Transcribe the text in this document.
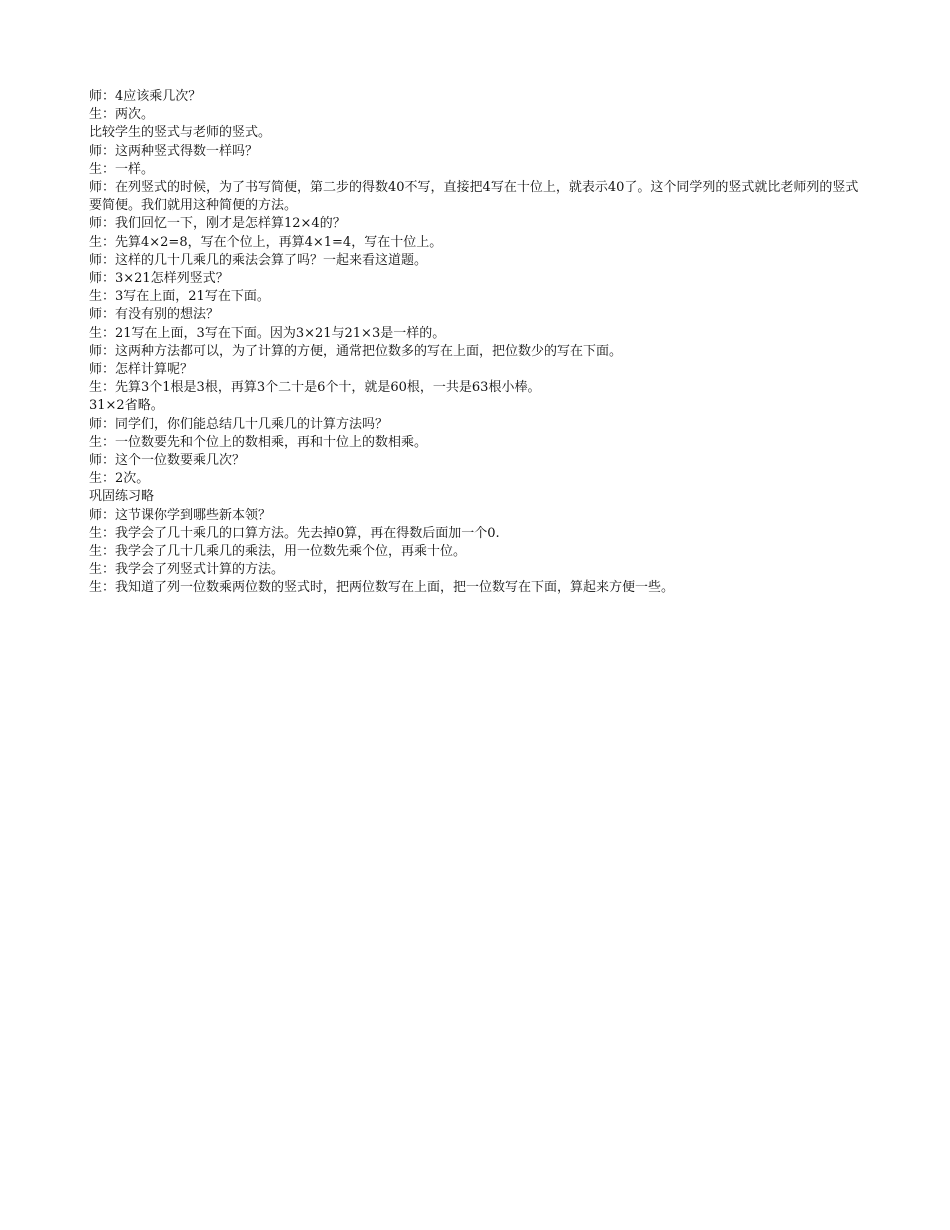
师：4应该乘几次？

生：两次。

比较学生的竖式与老师的竖式。

师：这两种竖式得数一样吗？

生：一样。

师：在列竖式的时候，为了书写简便，第二步的得数40不写，直接把4写在十位上，就表示40了。这个同学列的竖式就比老师列的竖式要简便。我们就用这种简便的方法。

师：我们回忆一下，刚才是怎样算12×4的？

生：先算4×2=8，写在个位上，再算4×1=4，写在十位上。

师：这样的几十几乘几的乘法会算了吗？一起来看这道题。

师：3×21怎样列竖式？

生：3写在上面，21写在下面。

师：有没有别的想法？

生：21写在上面，3写在下面。因为3×21与21×3是一样的。

师：这两种方法都可以，为了计算的方便，通常把位数多的写在上面，把位数少的写在下面。

师：怎样计算呢？

生：先算3个1根是3根，再算3个二十是6个十，就是60根，一共是63根小棒。

31×2省略。

师：同学们，你们能总结几十几乘几的计算方法吗？

生：一位数要先和个位上的数相乘，再和十位上的数相乘。

师：这个一位数要乘几次？

生：2次。

巩固练习略

师：这节课你学到哪些新本领？

生：我学会了几十乘几的口算方法。先去掉0算，再在得数后面加一个0.

生：我学会了几十几乘几的乘法，用一位数先乘个位，再乘十位。

生：我学会了列竖式计算的方法。

生：我知道了列一位数乘两位数的竖式时，把两位数写在上面，把一位数写在下面，算起来方便一些。
